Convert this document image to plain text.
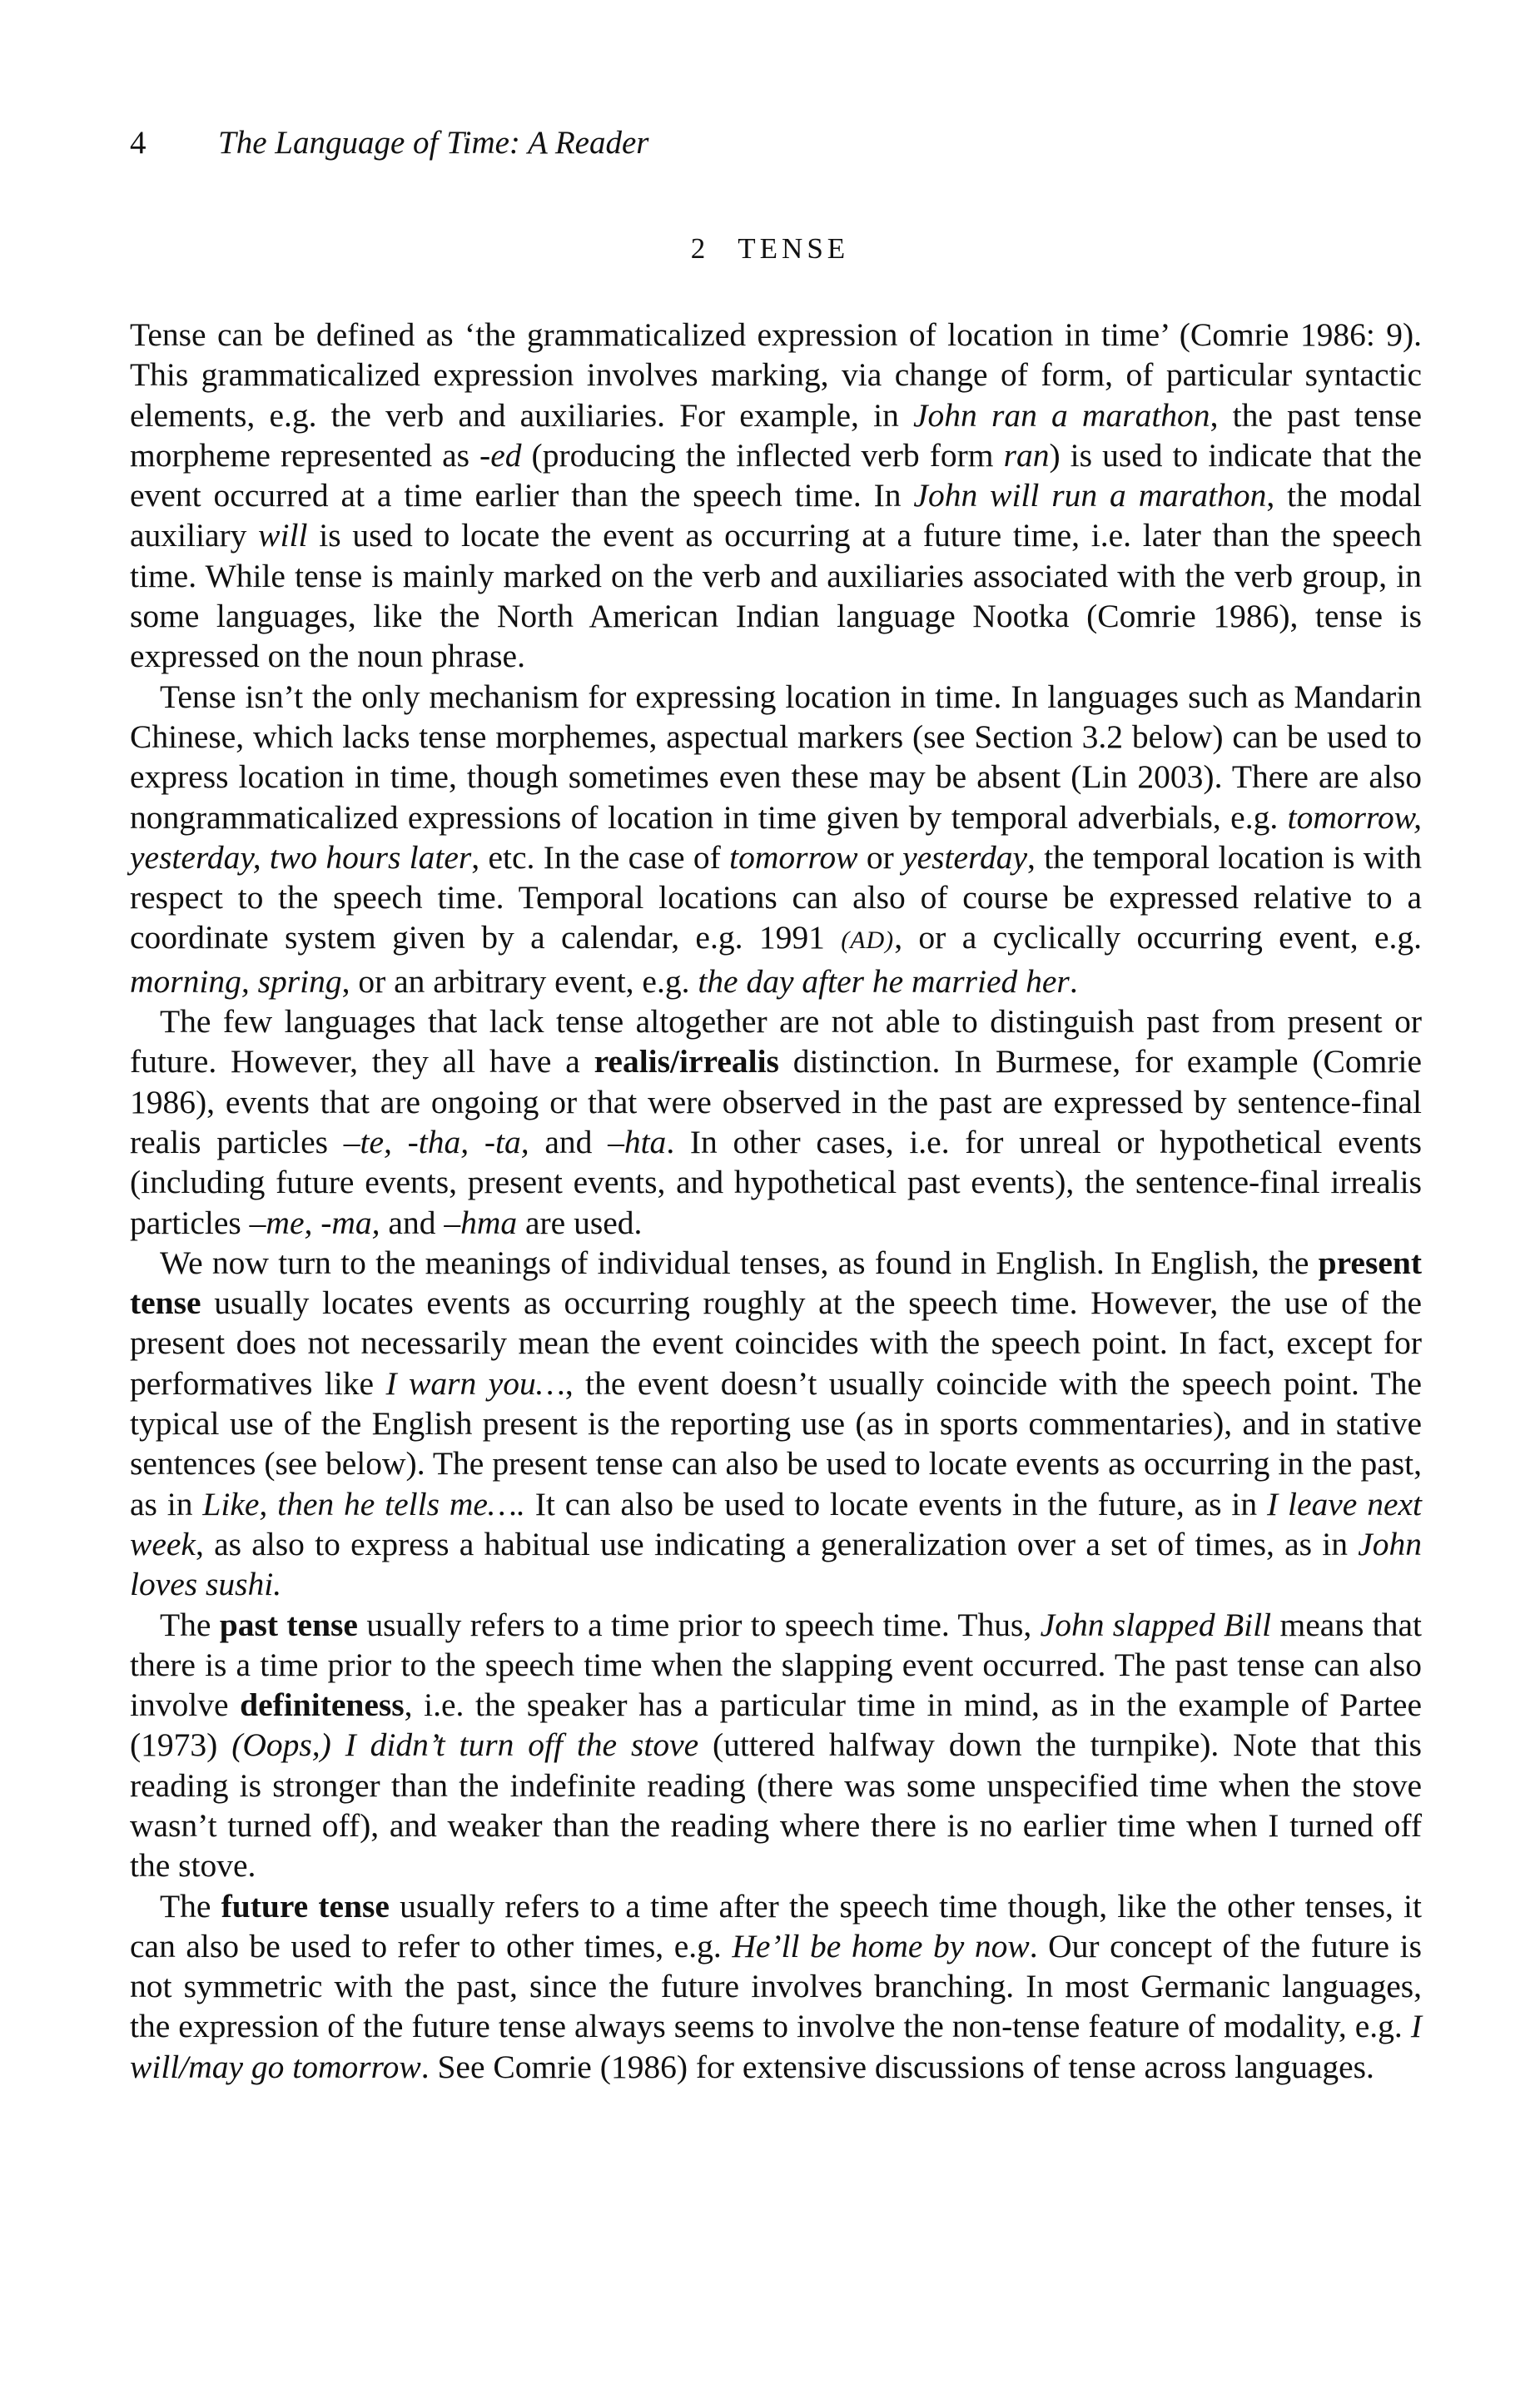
4 The Language of Time: A Reader
2 TENSE

Tense can be defined as ‘the grammaticalized expression of location in time’ (Comrie 1986: 9). This grammaticalized expression involves marking, via change of form, of particular syntactic elements, e.g. the verb and auxiliaries. For example, in John ran a marathon, the past tense morpheme represented as -ed (producing the inflected verb form ran) is used to indicate that the event occurred at a time earlier than the speech time. In John will run a marathon, the modal auxiliary will is used to locate the event as occurring at a future time, i.e. later than the speech time. While tense is mainly marked on the verb and auxiliaries associated with the verb group, in some languages, like the North American Indian language Nootka (Comrie 1986), tense is expressed on the noun phrase.

Tense isn’t the only mechanism for expressing location in time. In languages such as Mandarin Chinese, which lacks tense morphemes, aspectual markers (see Section 3.2 below) can be used to express location in time, though sometimes even these may be absent (Lin 2003). There are also nongrammaticalized expressions of location in time given by temporal adverbials, e.g. tomorrow, yesterday, two hours later, etc. In the case of tomorrow or yesterday, the temporal location is with respect to the speech time. Temporal locations can also of course be expressed relative to a coordinate system given by a calendar, e.g. 1991 (AD), or a cyclically occurring event, e.g. morning, spring, or an arbitrary event, e.g. the day after he married her.

The few languages that lack tense altogether are not able to distinguish past from present or future. However, they all have a realis/irrealis distinction. In Burmese, for example (Comrie 1986), events that are ongoing or that were observed in the past are expressed by sentence-final realis particles –te, -tha, -ta, and –hta. In other cases, i.e. for unreal or hypothetical events (including future events, present events, and hypothetical past events), the sentence-final irrealis particles –me, -ma, and –hma are used.

We now turn to the meanings of individual tenses, as found in English. In English, the present tense usually locates events as occurring roughly at the speech time. However, the use of the present does not necessarily mean the event coincides with the speech point. In fact, except for performatives like I warn you…, the event doesn’t usually coincide with the speech point. The typical use of the English present is the reporting use (as in sports commentaries), and in stative sentences (see below). The present tense can also be used to locate events as occurring in the past, as in Like, then he tells me…. It can also be used to locate events in the future, as in I leave next week, as also to express a habitual use indicating a generalization over a set of times, as in John loves sushi.

The past tense usually refers to a time prior to speech time. Thus, John slapped Bill means that there is a time prior to the speech time when the slapping event occurred. The past tense can also involve definiteness, i.e. the speaker has a particular time in mind, as in the example of Partee (1973) (Oops,) I didn’t turn off the stove (uttered halfway down the turnpike). Note that this reading is stronger than the indefinite reading (there was some unspecified time when the stove wasn’t turned off), and weaker than the reading where there is no earlier time when I turned off the stove.

The future tense usually refers to a time after the speech time though, like the other tenses, it can also be used to refer to other times, e.g. He’ll be home by now. Our concept of the future is not symmetric with the past, since the future involves branching. In most Germanic languages, the expression of the future tense always seems to involve the non-tense feature of modality, e.g. I will/may go tomorrow. See Comrie (1986) for extensive discussions of tense across languages.
